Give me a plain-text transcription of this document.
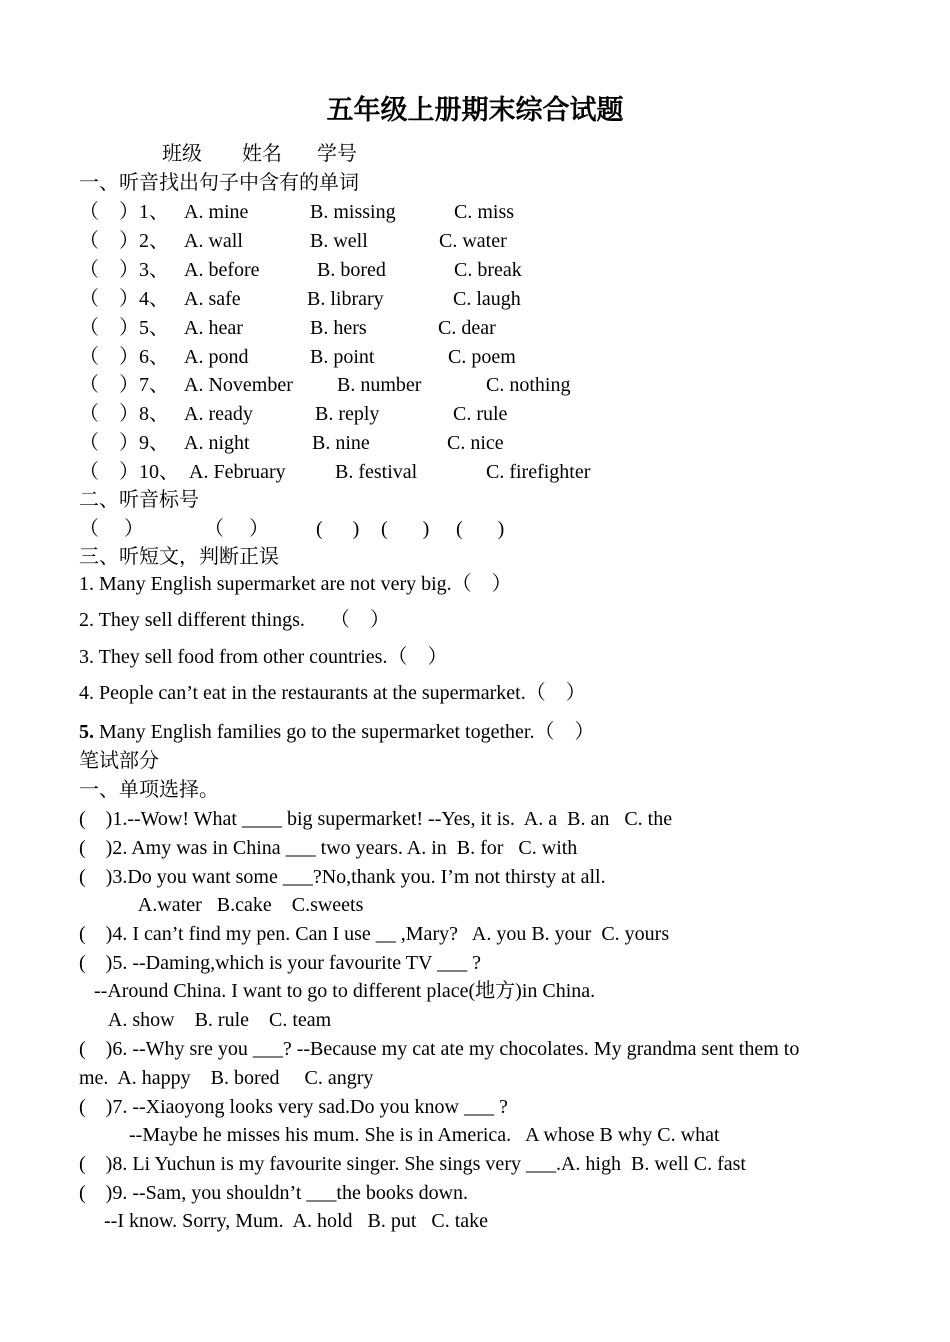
五年级上册期末综合试题
班级        姓名       学号
一、听音找出句子中含有的单词
（    ）1、 A. mine	B. missing	C. miss
（    ）2、 A. wall	B. well	C. water
（    ）3、 A. before	B. bored	C. break
（    ）4、 A. safe	B. library	C. laugh
（    ）5、 A. hear	B. hers	C. dear
（    ）6、 A. pond	B. point	C. poem
（    ）7、 A. November B. number	C. nothing
（    ）8、 A. ready	B. reply	C. rule
（    ）9、 A. night	B. nine	C. nice
（    ）10、 A. February B. festival	C. firefighter
二、听音标号
（     ）	（     ） (      ) (       ) (       )
三、听短文，判断正误
1. Many English supermarket are not very big.（    ）
2. They sell different things.     （    ）
3. They sell food from other countries.（    ）
4. People can’t eat in the restaurants at the supermarket.（    ）
5. Many English families go to the supermarket together.（    ）
笔试部分
一、单项选择。
(    )1.--Wow! What ____ big supermarket! --Yes, it is.  A. a  B. an   C. the
(    )2. Amy was in China ___ two years. A. in  B. for   C. with
(    )3.Do you want some ___?No,thank you. I’m not thirsty at all.
A.water   B.cake    C.sweets
(    )4. I can’t find my pen. Can I use __ ,Mary?   A. you B. your  C. yours
(    )5. --Daming,which is your favourite TV ___ ?
--Around China. I want to go to different place(地方)in China.
A. show    B. rule    C. team
(    )6. --Why sre you ___? --Because my cat ate my chocolates. My grandma sent them to
me.  A. happy    B. bored     C. angry
(    )7. --Xiaoyong looks very sad.Do you know ___ ?
--Maybe he misses his mum. She is in America.   A whose B why C. what
(    )8. Li Yuchun is my favourite singer. She sings very ___.A. high  B. well C. fast
(    )9. --Sam, you shouldn’t ___the books down.
--I know. Sorry, Mum.  A. hold   B. put   C. take
